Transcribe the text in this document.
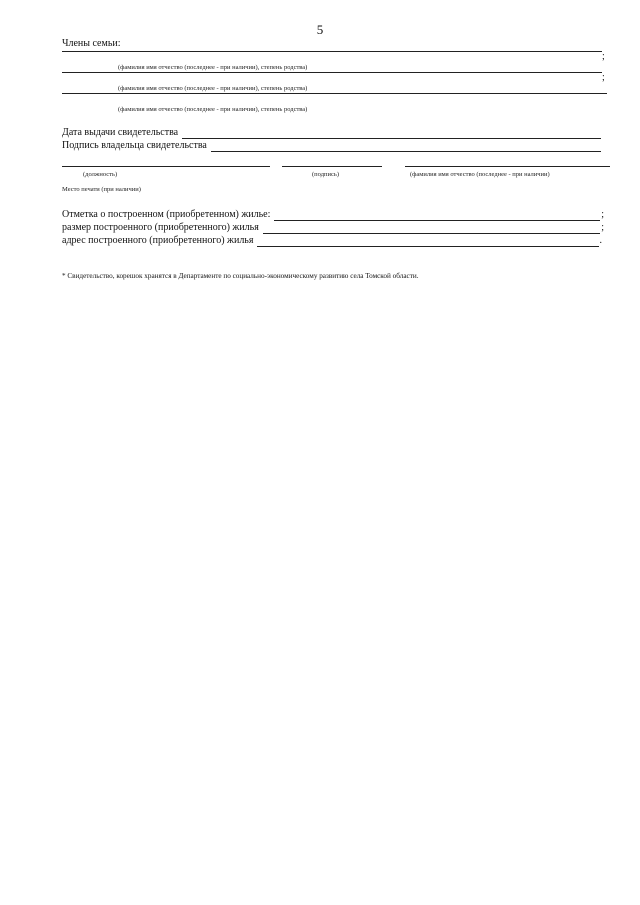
5
Члены семьи:
;
(фамилия имя отчество (последнее - при наличии), степень родства)
;
(фамилия имя отчество (последнее - при наличии), степень родства)
(фамилия имя отчество (последнее - при наличии), степень родства)
Дата выдачи свидетельства
Подпись владельца свидетельства
(должность)	(подпись)	(фамилия имя отчество (последнее - при наличии)
Место печати (при наличии)
Отметка о построенном (приобретенном) жилье:	;
размер построенного (приобретенного) жилья	;
адрес построенного (приобретенного) жилья	.
* Свидетельство, корешок хранятся в Департаменте по социально-экономическому развитию села Томской области.
